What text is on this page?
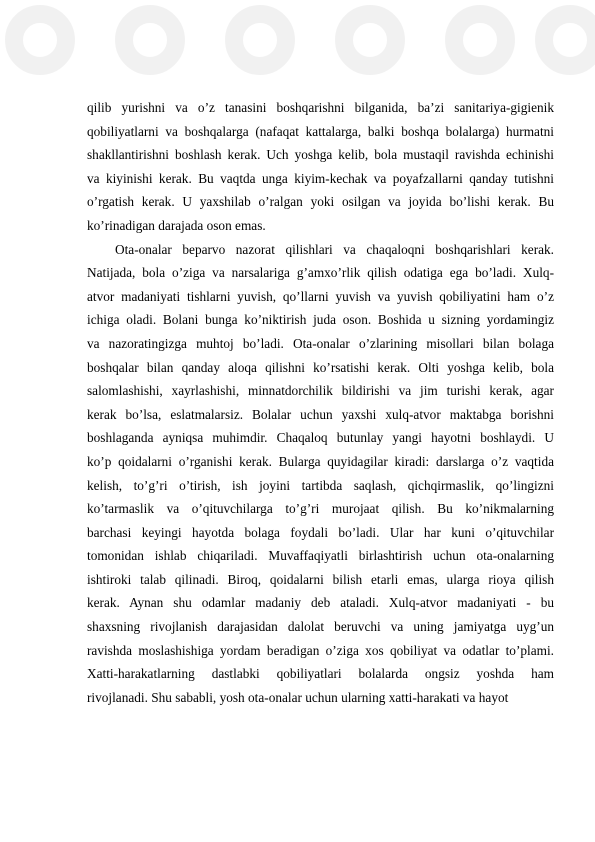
qilib yurishni va o’z tanasini boshqarishni bilganida, ba’zi sanitariya-gigienik
qobiliyatlarni va boshqalarga (nafaqat kattalarga, balki boshqa bolalarga) hurmatni
shakllantirishni boshlash kerak. Uch yoshga kelib, bola mustaqil ravishda echinishi
va kiyinishi kerak. Bu vaqtda unga kiyim-kechak va poyafzallarni qanday tutishni
o’rgatish kerak. U yaxshilab o’ralgan yoki osilgan va joyida bo’lishi kerak. Bu
ko’rinadigan darajada oson emas.
Ota-onalar beparvo nazorat qilishlari va chaqaloqni boshqarishlari kerak.
Natijada, bola o’ziga va narsalariga g’amxo’rlik qilish odatiga ega bo’ladi. Xulq-
atvor madaniyati tishlarni yuvish, qo’llarni yuvish va yuvish qobiliyatini ham o’z
ichiga oladi. Bolani bunga ko’niktirish juda oson. Boshida u sizning yordamingiz
va nazoratingizga muhtoj bo’ladi. Ota-onalar o’zlarining misollari bilan bolaga
boshqalar bilan qanday aloqa qilishni ko’rsatishi kerak. Olti yoshga kelib, bola
salomlashishi, xayrlashishi, minnatdorchilik bildirishi va jim turishi kerak, agar
kerak bo’lsa, eslatmalarsiz. Bolalar uchun yaxshi xulq-atvor maktabga borishni
boshlaganda ayniqsa muhimdir. Chaqaloq butunlay yangi hayotni boshlaydi. U
ko’p qoidalarni o’rganishi kerak. Bularga quyidagilar kiradi: darslarga o’z vaqtida
kelish, to’g’ri o’tirish, ish joyini tartibda saqlash, qichqirmaslik, qo’lingizni
ko’tarmaslik va o’qituvchilarga to’g’ri murojaat qilish. Bu ko’nikmalarning
barchasi keyingi hayotda bolaga foydali bo’ladi. Ular har kuni o’qituvchilar
tomonidan ishlab chiqariladi. Muvaffaqiyatli birlashtirish uchun ota-onalarning
ishtiroki talab qilinadi. Biroq, qoidalarni bilish etarli emas, ularga rioya qilish
kerak. Aynan shu odamlar madaniy deb ataladi. Xulq-atvor madaniyati - bu
shaxsning rivojlanish darajasidan dalolat beruvchi va uning jamiyatga uyg’un
ravishda moslashishiga yordam beradigan o’ziga xos qobiliyat va odatlar to’plami.
Xatti-harakatlarning dastlabki qobiliyatlari bolalarda ongsiz yoshda ham
rivojlanadi. Shu sababli, yosh ota-onalar uchun ularning xatti-harakati va hayot
